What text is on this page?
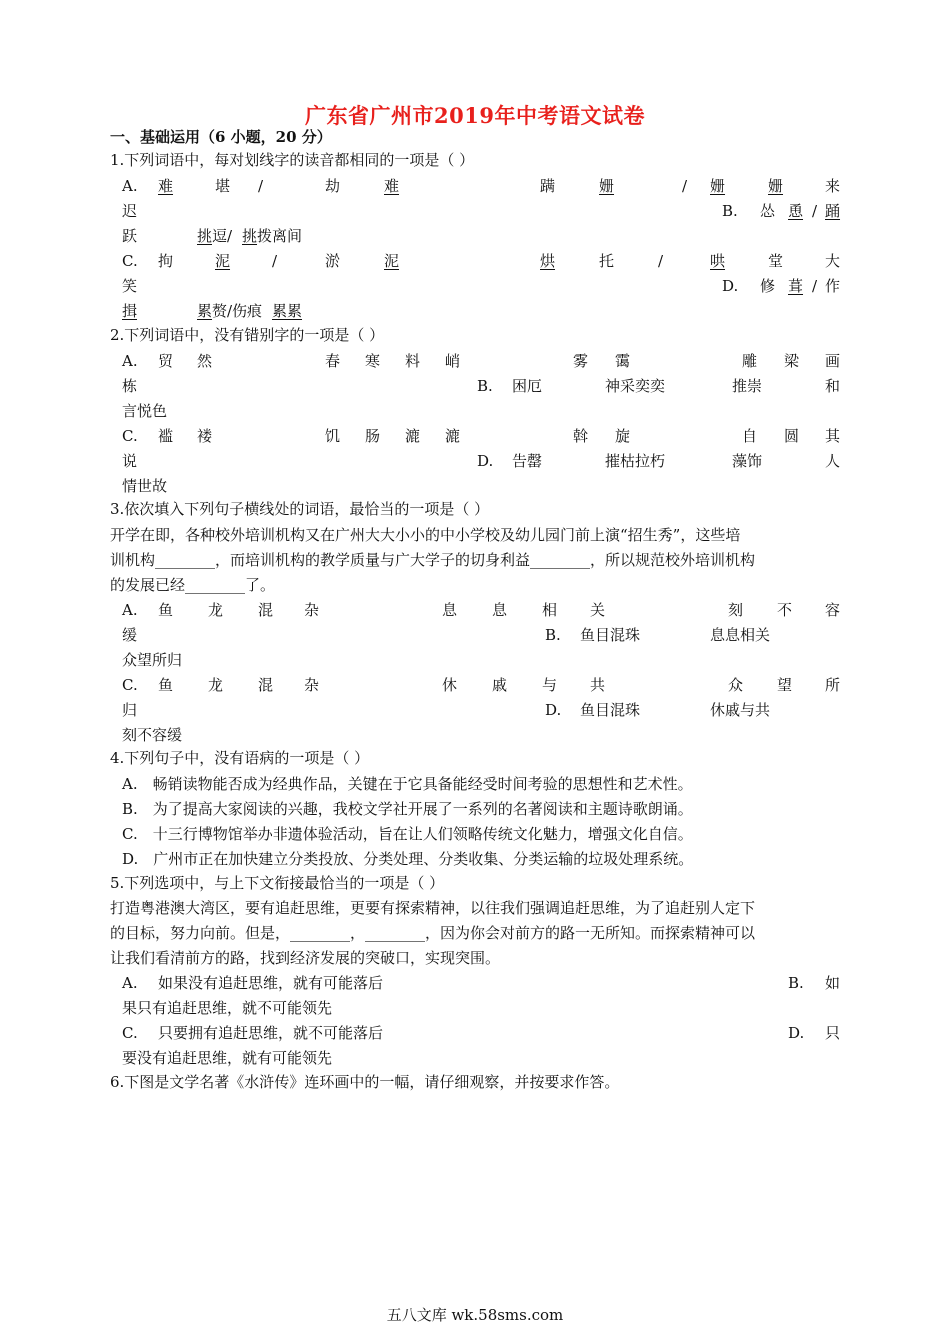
广东省广州市2019年中考语文试卷
一、基础运用（6 小题，20 分）
1.下列词语中，每对划线字的读音都相同的一项是（ ）
A. 难	堪 /	劫	难	蹒	姗	/ 姗	姗	来
迟	B. 怂 恿 / 踊
跃	挑 逗/ 挑 拨离间
C. 拘	泥	/	淤	泥	烘	托	/	哄	堂	大
笑	D. 修 葺 / 作
揖	累 赘/伤痕 累累
2.下列词语中，没有错别字的一项是（ ）
A. 贸 然	春 寒 料 峭	雾 霭	雕 梁 画
栋	B. 困厄	神采奕奕	推崇	和
言悦色
C. 褴 褛	饥 肠 漉 漉	斡 旋	自 圆 其
说	D. 告罄	摧枯拉朽	藻饰	人
情世故
3.依次填入下列句子横线处的词语，最恰当的一项是（ ）
开学在即，各种校外培训机构又在广州大大小小的中小学校及幼儿园门前上演“招生秀”，这些培
训机构________，而培训机构的教学质量与广大学子的切身利益________，所以规范校外培训机构
的发展已经________了。
A. 鱼 龙 混 杂	息 息 相 关	刻 不 容
缓	B. 鱼目混珠	息息相关
众望所归
C. 鱼 龙 混 杂	休 戚 与 共	众 望 所
归	D. 鱼目混珠	休戚与共
刻不容缓
4.下列句子中，没有语病的一项是（ ）
A.　畅销读物能否成为经典作品，关键在于它具备能经受时间考验的思想性和艺术性。
B.　为了提高大家阅读的兴趣，我校文学社开展了一系列的名著阅读和主题诗歌朗诵。
C.　十三行博物馆举办非遗体验活动，旨在让人们领略传统文化魅力，增强文化自信。
D.　广州市正在加快建立分类投放、分类处理、分类收集、分类运输的垃圾处理系统。
5.下列选项中，与上下文衔接最恰当的一项是（ ）
打造粤港澳大湾区，要有追赶思维，更要有探索精神，以往我们强调追赶思维，为了追赶别人定下
的目标，努力向前。但是，________，________，因为你会对前方的路一无所知。而探索精神可以
让我们看清前方的路，找到经济发展的突破口，实现突围。
A. 如果没有追赶思维，就有可能落后	B. 如
果只有追赶思维，就不可能领先
C. 只要拥有追赶思维，就不可能落后	D. 只
要没有追赶思维，就有可能领先
6.下图是文学名著《水浒传》连环画中的一幅，请仔细观察，并按要求作答。
五八文库 wk.58sms.com
